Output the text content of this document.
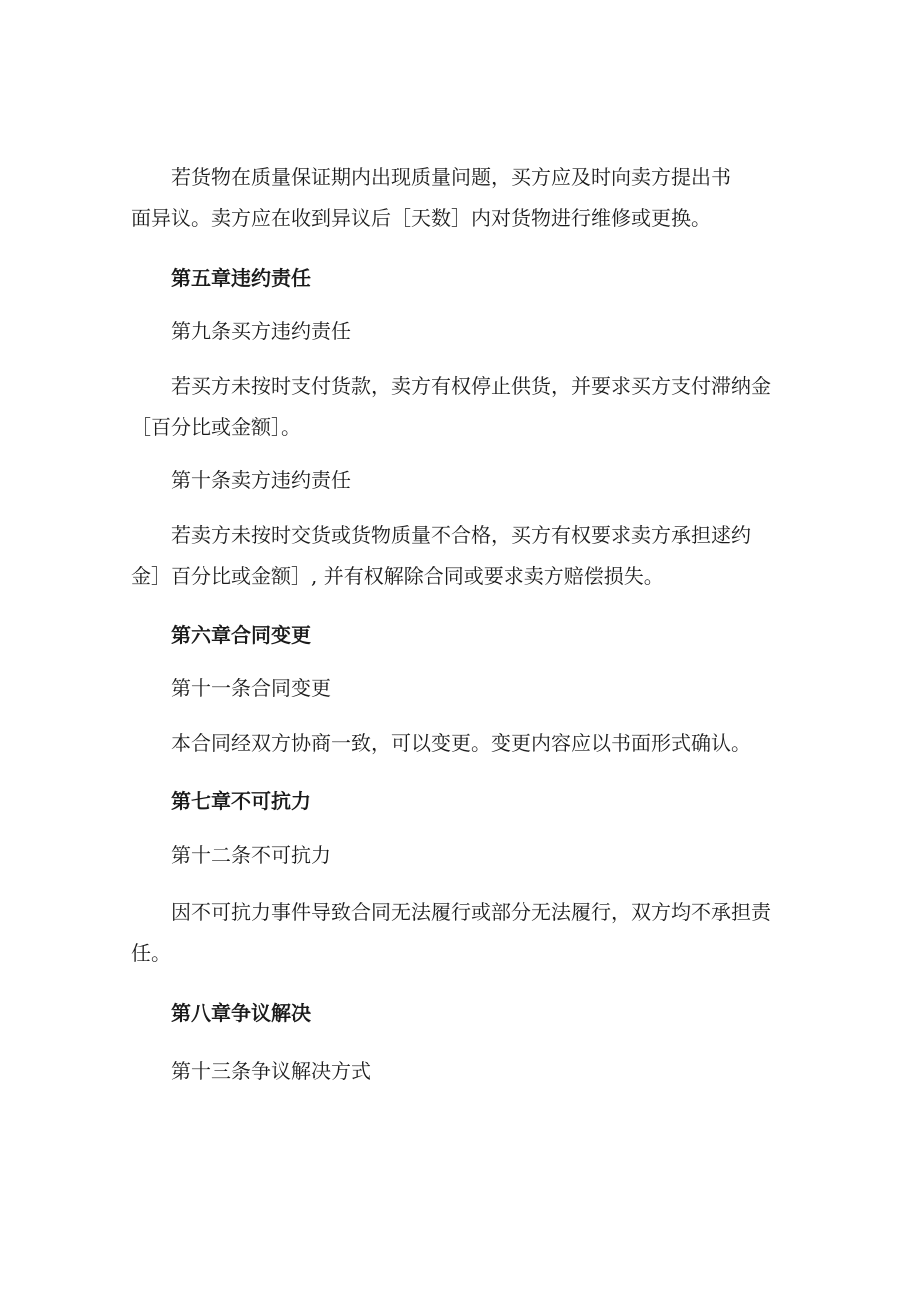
若货物在质量保证期内出现质量问题，买方应及时向卖方提出书
面异议。卖方应在收到异议后［天数］内对货物进行维修或更换。
第五章违约责任
第九条买方违约责任
若买方未按时支付货款，卖方有权停止供货，并要求买方支付滞纳金
［百分比或金额］。
第十条卖方违约责任
若卖方未按时交货或货物质量不合格，买方有权要求卖方承担逑约
金］百分比或金额］, 并有权解除合同或要求卖方赔偿损失。
第六章合同变更
第十一条合同变更
本合同经双方协商一致，可以变更。变更内容应以书面形式确认。
第七章不可抗力
第十二条不可抗力
因不可抗力事件导致合同无法履行或部分无法履行，双方均不承担责
任。
第八章争议解决
第十三条争议解决方式
